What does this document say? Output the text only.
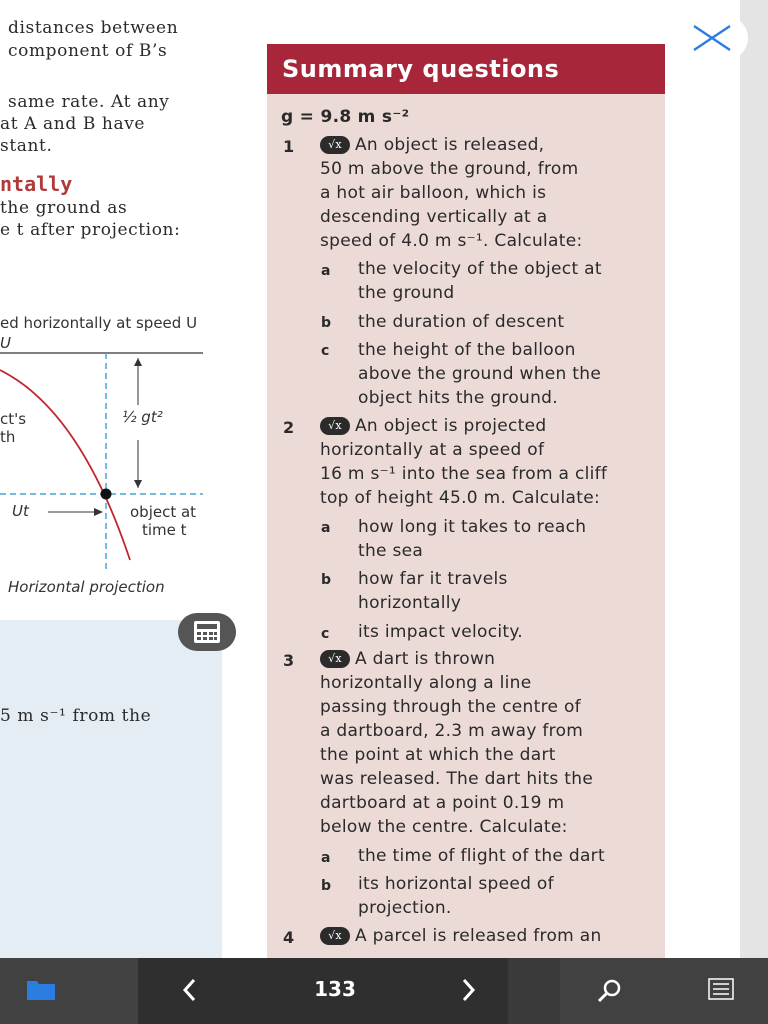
distances between
component of B’s
same rate. At any
at A and B have
stant.
ntally
the ground as
e t after projection:
ed horizontally at speed U
U
ct's
th
½ gt²
Ut	object at
time t
Horizontal projection
5 m s⁻¹ from the
Summary questions
g = 9.8 m s⁻²
1	√x An object is released,
50 m above the ground, from
a hot air balloon, which is
descending vertically at a
speed of 4.0 m s⁻¹. Calculate:
a the velocity of the object at
the ground
b the duration of descent
c the height of the balloon
above the ground when the
object hits the ground.
2	√x An object is projected
horizontally at a speed of
16 m s⁻¹ into the sea from a cliff
top of height 45.0 m. Calculate:
a how long it takes to reach
the sea
b how far it travels
horizontally
c its impact velocity.
3	√x A dart is thrown
horizontally along a line
passing through the centre of
a dartboard, 2.3 m away from
the point at which the dart
was released. The dart hits the
dartboard at a point 0.19 m
below the centre. Calculate:
a the time of flight of the dart
b its horizontal speed of
projection.
4	√x A parcel is released from an
133
